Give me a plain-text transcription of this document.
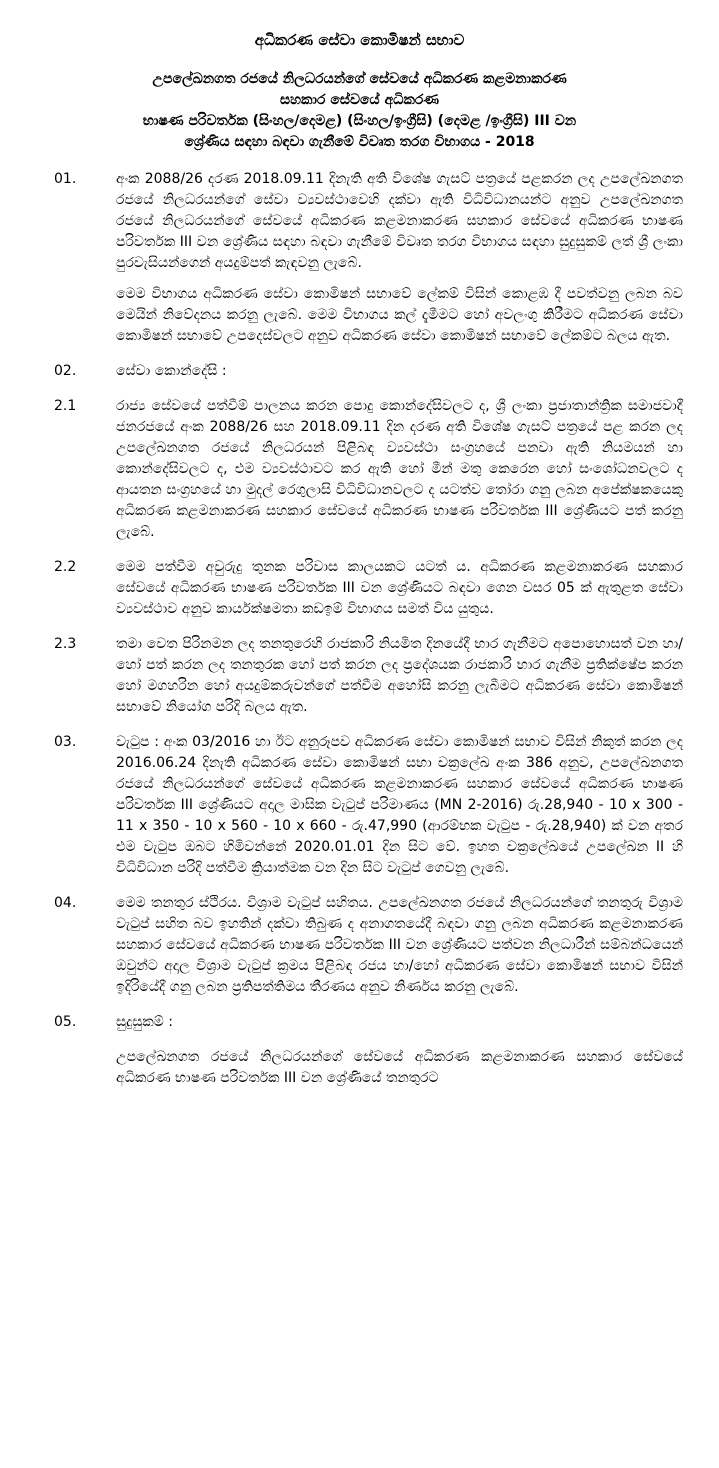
අධිකරණ සේවා කොමිෂන් සභාව
උපලේඛනගත රජයේ නිලධරයන්ගේ සේවයේ අධිකරණ කළමනාකරණ
සහකාර සේවයේ අධිකරණ
භාෂණ පරිවර්තක (සිංහල/දෙමළ) (සිංහල/ඉංග්‍රීසි) (දෙමළ /ඉංග්‍රීසි) III වන
ශ්‍රේණිය සඳහා බඳවා ගැනීමේ විවෘත තරග විභාගය - 2018
01.	අංක 2088/26 දරණ 2018.09.11 දිනැති අති විශේෂ ගැසට් පත්‍රයේ පළකරන ලද උපලේඛනගත රජයේ නිලධරයන්ගේ සේවා ව්‍යවස්ථාවෙහි දක්වා ඇති විධිවිධානයන්ට අනුව උපලේඛනගත රජයේ නිලධරයන්ගේ සේවයේ අධිකරණ කළමනාකරණ සහකාර සේවයේ අධිකරණ භාෂණ පරිවර්තක III වන ශ්‍රේණිය සඳහා බඳවා ගැනීමේ විවෘත තරග විභාගය සඳහා සුදුසුකම් ලත් ශ්‍රී ලංකා පුරවැසියන්ගෙන් අයදුම්පත් කැඳවනු ලැබේ.

මෙම විභාගය අධිකරණ සේවා කොමිෂන් සභාවේ ලේකම් විසින් කොළඹ දී පවත්වනු ලබන බව මෙයින් නිවේදනය කරනු ලැබේ. මෙම විභාගය කල් දැමීමට හෝ අවලංගු කිරීමට අධිකරණ සේවා කොමිෂන් සභාවේ උපදෙස්වලට අනුව අධිකරණ සේවා කොමිෂන් සභාවේ ලේකම්ට බලය ඇත.

02.	සේවා කොන්දේසි :

2.1	රාජ්‍ය සේවයේ පත්වීම් පාලනය කරන පොදු කොන්දේසිවලට ද, ශ්‍රී ලංකා ප්‍රජාතාන්ත්‍රික සමාජවාදී ජනරජයේ අංක 2088/26 සහ 2018.09.11 දින දරණ අති විශේෂ ගැසට් පත්‍රයේ පළ කරන ලද උපලේඛනගත රජයේ නිලධරයන් පිළිබඳ ව්‍යවස්ථා සංග්‍රහයේ පනවා ඇති නියමයන් හා කොන්දේසිවලට ද, එම ව්‍යවස්ථාවට කර ඇති හෝ මීන් මතු කෙරෙන හෝ සංශෝධනවලට ද ආයතන සංග්‍රහයේ හා මුදල් රෙගුලාසි විධිවිධානවලට ද යටත්ව තෝරා ගනු ලබන අපේක්ෂකයෙකු අධිකරණ කළමනාකරණ සහකාර සේවයේ අධිකරණ භාෂණ පරිවර්තක III ශ්‍රේණියට පත් කරනු ලැබේ.

2.2	මෙම පත්වීම අවුරුදු තුනක පරිවාස කාලයකට යටත් ය. අධිකරණ කළමනාකරණ සහකාර සේවයේ අධිකරණ භාෂණ පරිවර්තක III වන ශ්‍රේණියට බඳවා ගෙන වසර 05 ක් ඇතුළත සේවා ව්‍යවස්ථාව අනුව කාර්යක්ෂමතා කඩඉම් විභාගය සමත් විය යුතුය.

2.3	තමා වෙත පිරිනමන ලද තනතුරෙහි රාජකාරි නියමිත දිනයේදී භාර ගැනීමට අපොහොසත් වන හා/හෝ පත් කරන ලද තනතුරක හෝ පත් කරන ලද ප්‍රදේශයක රාජකාරි භාර ගැනීම ප්‍රතික්ෂේප කරන හෝ මගහරින හෝ අයදුම්කරුවන්ගේ පත්වීම අහෝසි කරනු ලැබීමට අධිකරණ සේවා කොමිෂන් සභාවේ නියෝග පරිදි බලය ඇත.

03.	වැටුප : අංක 03/2016 හා ඊට අනුරූපව අධිකරණ සේවා කොමිෂන් සභාව විසින් නිකුත් කරන ලද 2016.06.24 දිනැති අධිකරණ සේවා කොමිෂන් සභා චක්‍රලේඛ අංක 386 අනුව, උපලේඛනගත රජයේ නිලධරයන්ගේ සේවයේ අධිකරණ කළමනාකරණ සහකාර සේවයේ අධිකරණ භාෂණ පරිවර්තක III ශ්‍රේණියට අදාල මාසික වැටුප් පරිමාණය (MN 2-2016) රු.28,940 - 10 x 300 - 11 x 350 - 10 x 560 - 10 x 660 - රු.47,990 (ආරම්භක වැටුප - රු.28,940) ක් වන අතර එම වැටුප ඔබට හිමිවන්නේ 2020.01.01 දින සිට වේ. ඉහත චක්‍රලේඛයේ උපලේඛන II හි විධිවිධාන පරිදි පත්වීම ක්‍රියාත්මක වන දින සිට වැටුප් ගෙවනු ලැබේ.

04.	මෙම තනතුර ස්ථිරය. විශ්‍රාම වැටුප් සහිතය. උපලේඛනගත රජයේ නිලධරයන්ගේ තනතුරු විශ්‍රාම වැටුප් සහිත බව ඉහතින් දක්වා තිබුණ ද අනාගතයේදී බඳවා ගනු ලබන අධිකරණ කළමනාකරණ සහකාර සේවයේ අධිකරණ භාෂණ පරිවර්තක III වන ශ්‍රේණියට පත්වන නිලධාරීන් සම්බන්ධයෙන් ඔවුන්ට අදාල විශ්‍රාම වැටුප් ක්‍රමය පිළිබඳ රජය හා/හෝ අධිකරණ සේවා කොමිෂන් සභාව විසින් ඉදිරියේදී ගනු ලබන ප්‍රතිපත්තිමය තීරණය අනුව නිර්ණය කරනු ලැබේ.

05.	සුදුසුකම් :

උපලේඛනගත රජයේ නිලධරයන්ගේ සේවයේ අධිකරණ කළමනාකරණ සහකාර සේවයේ අධිකරණ භාෂණ පරිවර්තක III වන ශ්‍රේණියේ තනතුරට
